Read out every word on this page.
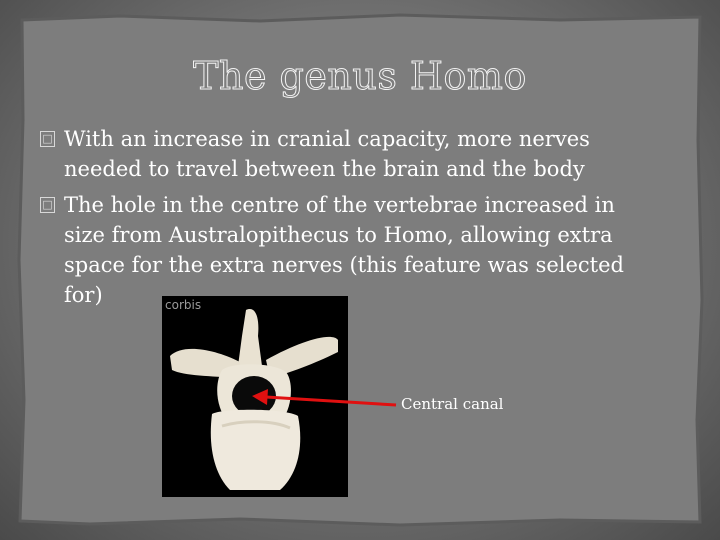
The genus Homo
□ With an increase in cranial capacity, more nerves needed to travel between the brain and the body
□ The hole in the centre of the vertebrae increased in size from Australopithecus to Homo, allowing extra space for the extra nerves (this feature was selected for)	corbis
Central canal
